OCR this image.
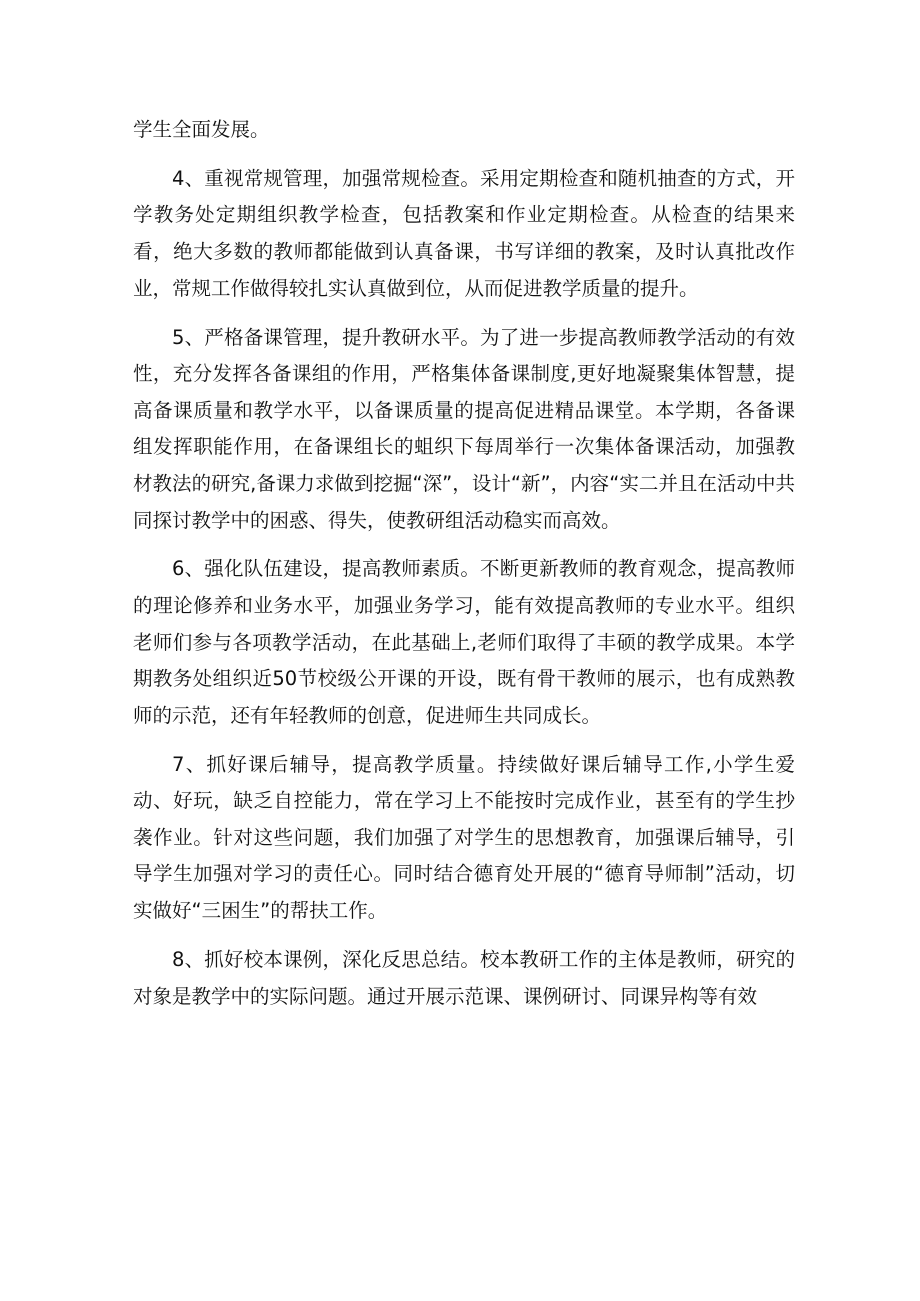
学生全面发展。

4、重视常规管理，加强常规检查。采用定期检查和随机抽查的方式，开学教务处定期组织教学检查，包括教案和作业定期检查。从检查的结果来看，绝大多数的教师都能做到认真备课，书写详细的教案，及时认真批改作业，常规工作做得较扎实认真做到位，从而促进教学质量的提升。

5、严格备课管理，提升教研水平。为了进一步提高教师教学活动的有效性，充分发挥各备课组的作用，严格集体备课制度,更好地凝聚集体智慧，提高备课质量和教学水平，以备课质量的提高促进精品课堂。本学期，各备课组发挥职能作用，在备课组长的蛆织下每周举行一次集体备课活动，加强教材教法的研究,备课力求做到挖掘“深”，设计“新”，内容“实二并且在活动中共同探讨教学中的困惑、得失，使教研组活动稳实而高效。

6、强化队伍建设，提高教师素质。不断更新教师的教育观念，提高教师的理论修养和业务水平，加强业务学习，能有效提高教师的专业水平。组织老师们参与各项教学活动，在此基础上,老师们取得了丰硕的教学成果。本学期教务处组织近50节校级公开课的开设，既有骨干教师的展示，也有成熟教师的示范，还有年轻教师的创意，促进师生共同成长。

7、抓好课后辅导，提高教学质量。持续做好课后辅导工作,小学生爱动、好玩，缺乏自控能力，常在学习上不能按时完成作业，甚至有的学生抄袭作业。针对这些问题，我们加强了对学生的思想教育，加强课后辅导，引导学生加强对学习的责任心。同时结合德育处开展的“德育导师制”活动，切实做好“三困生”的帮扶工作。

8、抓好校本课例，深化反思总结。校本教研工作的主体是教师，研究的对象是教学中的实际问题。通过开展示范课、课例研讨、同课异构等有效
